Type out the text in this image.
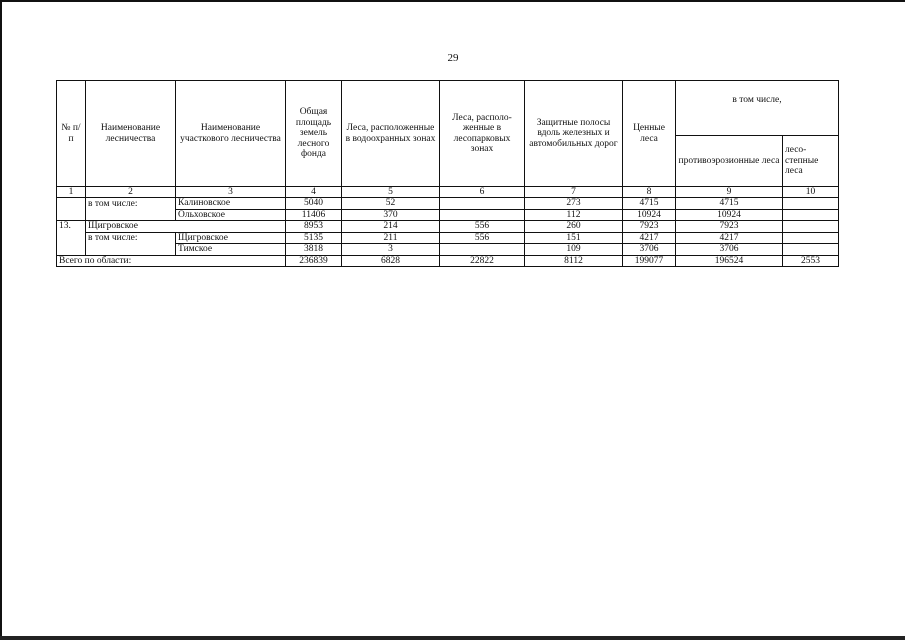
29
№ п/п	Наименование лесничества	Наименование участкового лесничества	Общая площадь земель лесного фонда	Леса, расположенные в водоохранных зонах	Леса, располо-женные в лесопарковых зонах	Защитные полосы вдоль железных и автомобильных дорог	Ценные леса	в том числе,	
								противоэрозионные леса	лесо-степные леса
1	2	3	4	5	6	7	8	9	10
	в том числе:	Калиновское	5040	52		273	4715	4715	
		Ольховское	11406	370		112	10924	10924	
13.	Щигровское		8953	214	556	260	7923	7923	
	в том числе:	Щигровское	5135	211	556	151	4217	4217	
		Тимское	3818	3		109	3706	3706	
Всего по области:			236839	6828	22822	8112	199077	196524	2553
